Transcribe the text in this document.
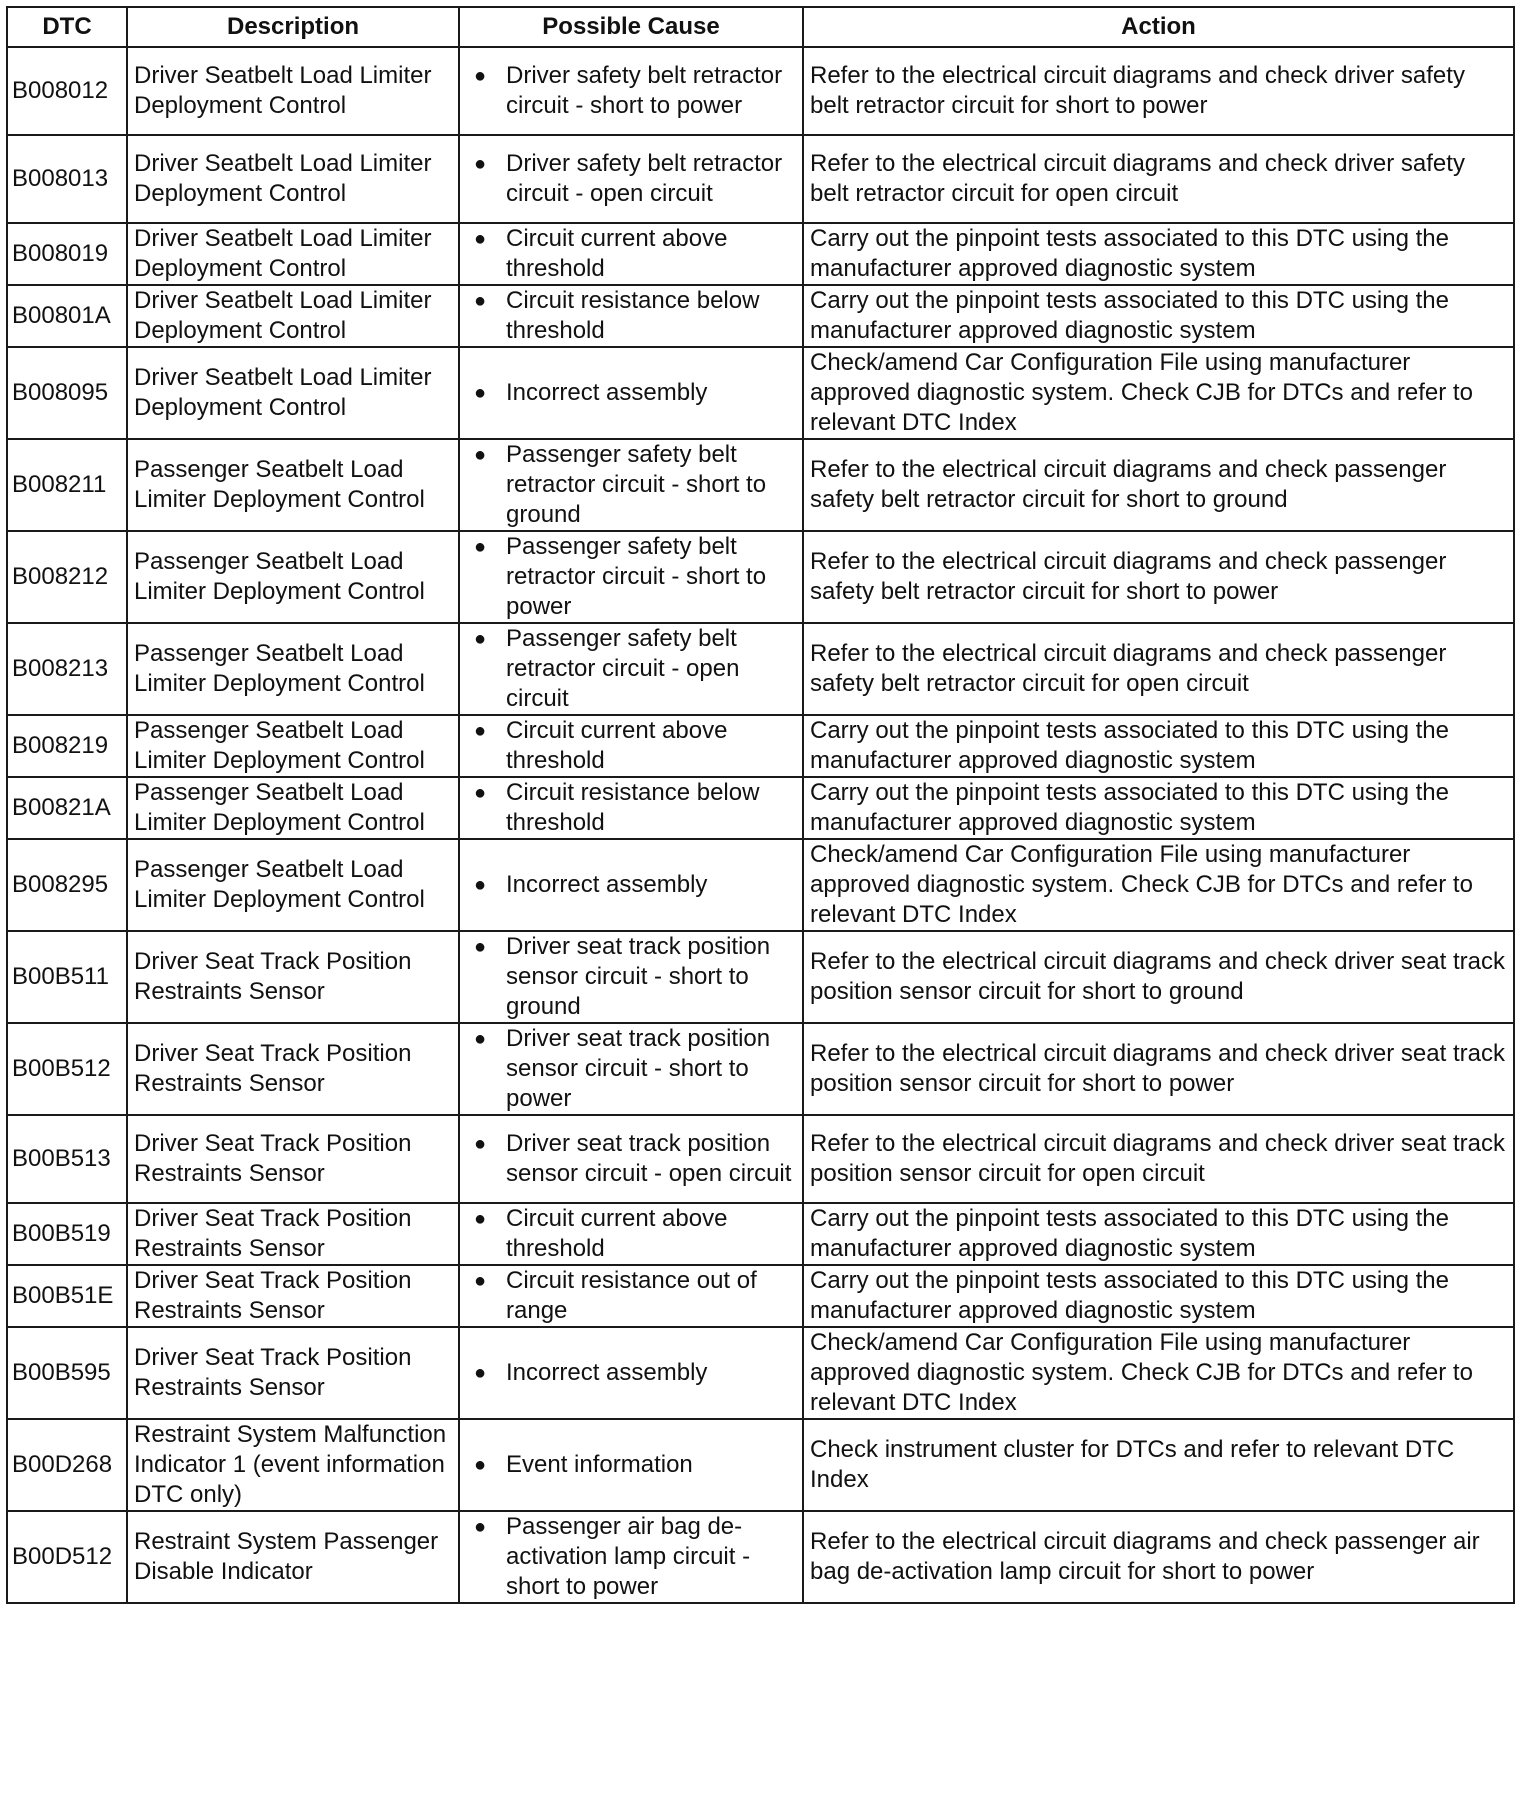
DTC	Description	Possible Cause	Action
B008012	Driver Seatbelt Load Limiter Deployment Control	● Driver safety belt retractor circuit - short to power	Refer to the electrical circuit diagrams and check driver safety belt retractor circuit for short to power
B008013	Driver Seatbelt Load Limiter Deployment Control	● Driver safety belt retractor circuit - open circuit	Refer to the electrical circuit diagrams and check driver safety belt retractor circuit for open circuit
B008019	Driver Seatbelt Load Limiter Deployment Control	● Circuit current above threshold	Carry out the pinpoint tests associated to this DTC using the manufacturer approved diagnostic system
B00801A	Driver Seatbelt Load Limiter Deployment Control	● Circuit resistance below threshold	Carry out the pinpoint tests associated to this DTC using the manufacturer approved diagnostic system
B008095	Driver Seatbelt Load Limiter Deployment Control	● Incorrect assembly	Check/amend Car Configuration File using manufacturer approved diagnostic system. Check CJB for DTCs and refer to relevant DTC Index
B008211	Passenger Seatbelt Load Limiter Deployment Control	● Passenger safety belt retractor circuit - short to ground	Refer to the electrical circuit diagrams and check passenger safety belt retractor circuit for short to ground
B008212	Passenger Seatbelt Load Limiter Deployment Control	● Passenger safety belt retractor circuit - short to power	Refer to the electrical circuit diagrams and check passenger safety belt retractor circuit for short to power
B008213	Passenger Seatbelt Load Limiter Deployment Control	● Passenger safety belt retractor circuit - open circuit	Refer to the electrical circuit diagrams and check passenger safety belt retractor circuit for open circuit
B008219	Passenger Seatbelt Load Limiter Deployment Control	● Circuit current above threshold	Carry out the pinpoint tests associated to this DTC using the manufacturer approved diagnostic system
B00821A	Passenger Seatbelt Load Limiter Deployment Control	● Circuit resistance below threshold	Carry out the pinpoint tests associated to this DTC using the manufacturer approved diagnostic system
B008295	Passenger Seatbelt Load Limiter Deployment Control	● Incorrect assembly	Check/amend Car Configuration File using manufacturer approved diagnostic system. Check CJB for DTCs and refer to relevant DTC Index
B00B511	Driver Seat Track Position Restraints Sensor	● Driver seat track position sensor circuit - short to ground	Refer to the electrical circuit diagrams and check driver seat track position sensor circuit for short to ground
B00B512	Driver Seat Track Position Restraints Sensor	● Driver seat track position sensor circuit - short to power	Refer to the electrical circuit diagrams and check driver seat track position sensor circuit for short to power
B00B513	Driver Seat Track Position Restraints Sensor	● Driver seat track position sensor circuit - open circuit	Refer to the electrical circuit diagrams and check driver seat track position sensor circuit for open circuit
B00B519	Driver Seat Track Position Restraints Sensor	● Circuit current above threshold	Carry out the pinpoint tests associated to this DTC using the manufacturer approved diagnostic system
B00B51E	Driver Seat Track Position Restraints Sensor	● Circuit resistance out of range	Carry out the pinpoint tests associated to this DTC using the manufacturer approved diagnostic system
B00B595	Driver Seat Track Position Restraints Sensor	● Incorrect assembly	Check/amend Car Configuration File using manufacturer approved diagnostic system. Check CJB for DTCs and refer to relevant DTC Index
B00D268	Restraint System Malfunction Indicator 1 (event information DTC only)	● Event information	Check instrument cluster for DTCs and refer to relevant DTC Index
B00D512	Restraint System Passenger Disable Indicator	● Passenger air bag de-activation lamp circuit - short to power	Refer to the electrical circuit diagrams and check passenger air bag de-activation lamp circuit for short to power
